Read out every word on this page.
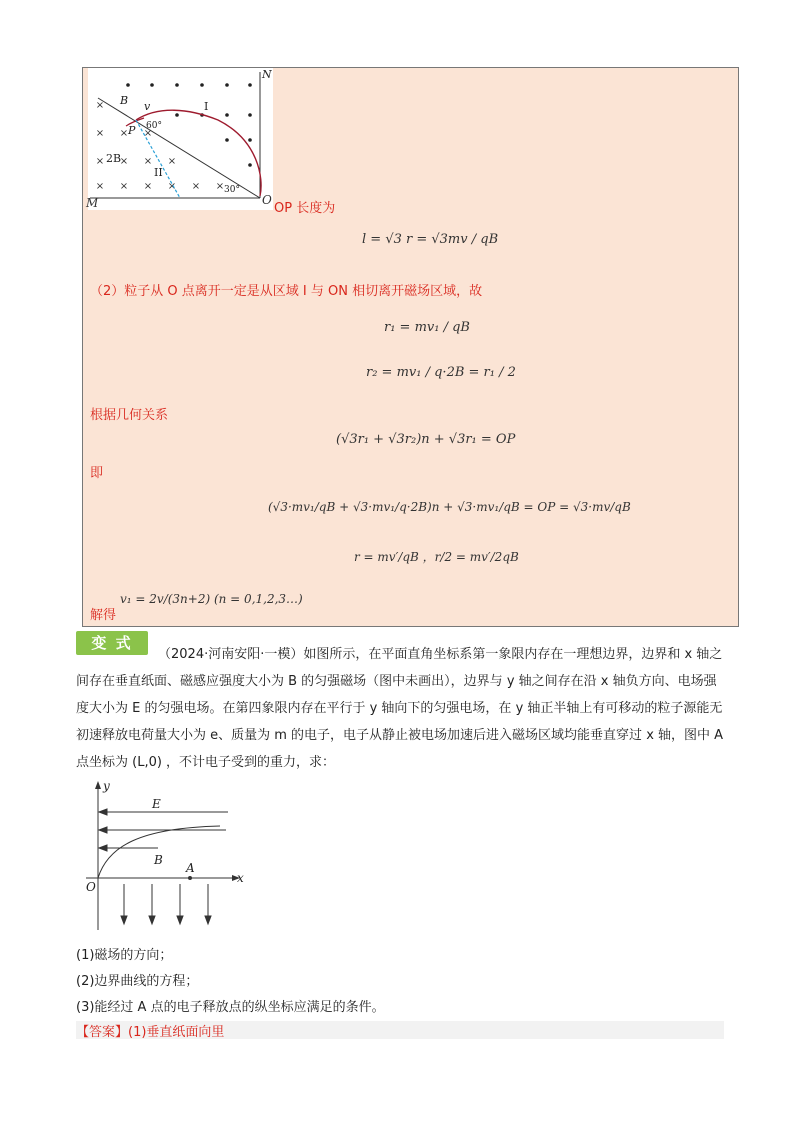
×
×
×
×
×
×
×
×
×
×
×
× × ×
N
B v	I
60°
P
2B
II
30°
M	O
OP 长度为
l = √3 r = √3mv / qB
（2）粒子从 O 点离开一定是从区域 I 与 ON 相切离开磁场区域，故
r₁ = mv₁ / qB
r₂ = mv₁ / q·2B = r₁ / 2
根据几何关系
(√3r₁ + √3r₂)n + √3r₁ = OP
即
(√3·mv₁/qB + √3·mv₁/q·2B)n + √3·mv₁/qB = OP = √3·mv/qB
r = mv′/qB ，r/2 = mv′/2qB
解得
v₁ = 2v/(3n+2) (n = 0,1,2,3…)
变 式
（2024·河南安阳·一模）如图所示，在平面直角坐标系第一象限内存在一理想边界，边界和 x 轴之间存在垂直纸面、磁感应强度大小为 B 的匀强磁场（图中未画出），边界与 y 轴之间存在沿 x 轴负方向、电场强度大小为 E 的匀强电场。在第四象限内存在平行于 y 轴向下的匀强电场，在 y 轴正半轴上有可移动的粒子源能无初速释放电荷量大小为 e、质量为 m 的电子，电子从静止被电场加速后进入磁场区域均能垂直穿过 x 轴，图中 A 点坐标为 (L,0) ，不计电子受到的重力，求：
y
E
B
O
A
x
(1)磁场的方向；
(2)边界曲线的方程；
(3)能经过 A 点的电子释放点的纵坐标应满足的条件。
【答案】(1)垂直纸面向里
